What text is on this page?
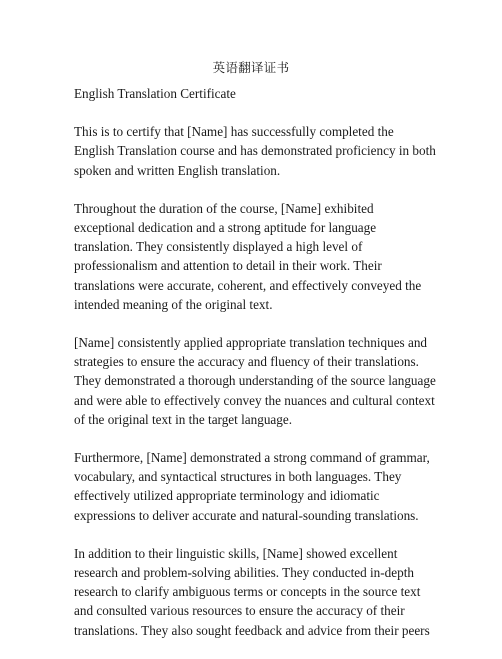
英语翻译证书

English Translation Certificate

This is to certify that [Name] has successfully completed the English Translation course and has demonstrated proficiency in both spoken and written English translation.

Throughout the duration of the course, [Name] exhibited exceptional dedication and a strong aptitude for language translation. They consistently displayed a high level of professionalism and attention to detail in their work. Their translations were accurate, coherent, and effectively conveyed the intended meaning of the original text.

[Name] consistently applied appropriate translation techniques and strategies to ensure the accuracy and fluency of their translations. They demonstrated a thorough understanding of the source language and were able to effectively convey the nuances and cultural context of the original text in the target language.

Furthermore, [Name] demonstrated a strong command of grammar, vocabulary, and syntactical structures in both languages. They effectively utilized appropriate terminology and idiomatic expressions to deliver accurate and natural-sounding translations.

In addition to their linguistic skills, [Name] showed excellent research and problem-solving abilities. They conducted in-depth research to clarify ambiguous terms or concepts in the source text and consulted various resources to ensure the accuracy of their translations. They also sought feedback and advice from their peers
